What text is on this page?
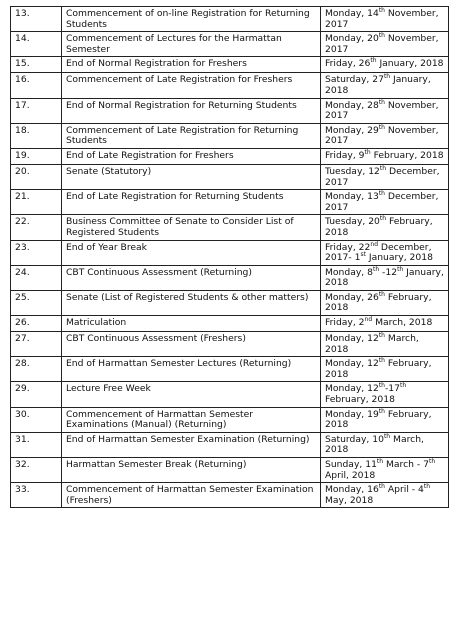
13.	Commencement of on-line Registration for Returning Students	Monday, 14th November, 2017
14.	Commencement of Lectures for the Harmattan Semester	Monday, 20th November, 2017
15.	End of Normal Registration for Freshers	Friday, 26th January, 2018
16.	Commencement of Late Registration for Freshers	Saturday, 27th January, 2018
17.	End of Normal Registration for Returning Students	Monday, 28th November, 2017
18.	Commencement of Late Registration for Returning Students	Monday, 29th November, 2017
19.	End of Late Registration for Freshers	Friday, 9th February, 2018
20.	Senate (Statutory)	Tuesday, 12th December, 2017
21.	End of Late Registration for Returning Students	Monday, 13th December, 2017
22.	Business Committee of Senate to Consider List of Registered Students	Tuesday, 20th February, 2018
23.	End of Year Break	Friday, 22nd December, 2017- 1st January, 2018
24.	CBT Continuous Assessment (Returning)	Monday, 8th -12th January, 2018
25.	Senate (List of Registered Students & other matters)	Monday, 26th February, 2018
26.	Matriculation	Friday, 2nd March, 2018
27.	CBT Continuous Assessment (Freshers)	Monday, 12th March, 2018
28.	End of Harmattan Semester Lectures (Returning)	Monday, 12th February, 2018
29.	Lecture Free Week	Monday, 12th-17th February, 2018
30.	Commencement of Harmattan Semester Examinations (Manual) (Returning)	Monday, 19th February, 2018
31.	End of Harmattan Semester Examination (Returning)	Saturday, 10th March, 2018
32.	Harmattan Semester Break (Returning)	Sunday, 11th March - 7th April, 2018
33.	Commencement of Harmattan Semester Examination (Freshers)	Monday, 16th April - 4th May, 2018
